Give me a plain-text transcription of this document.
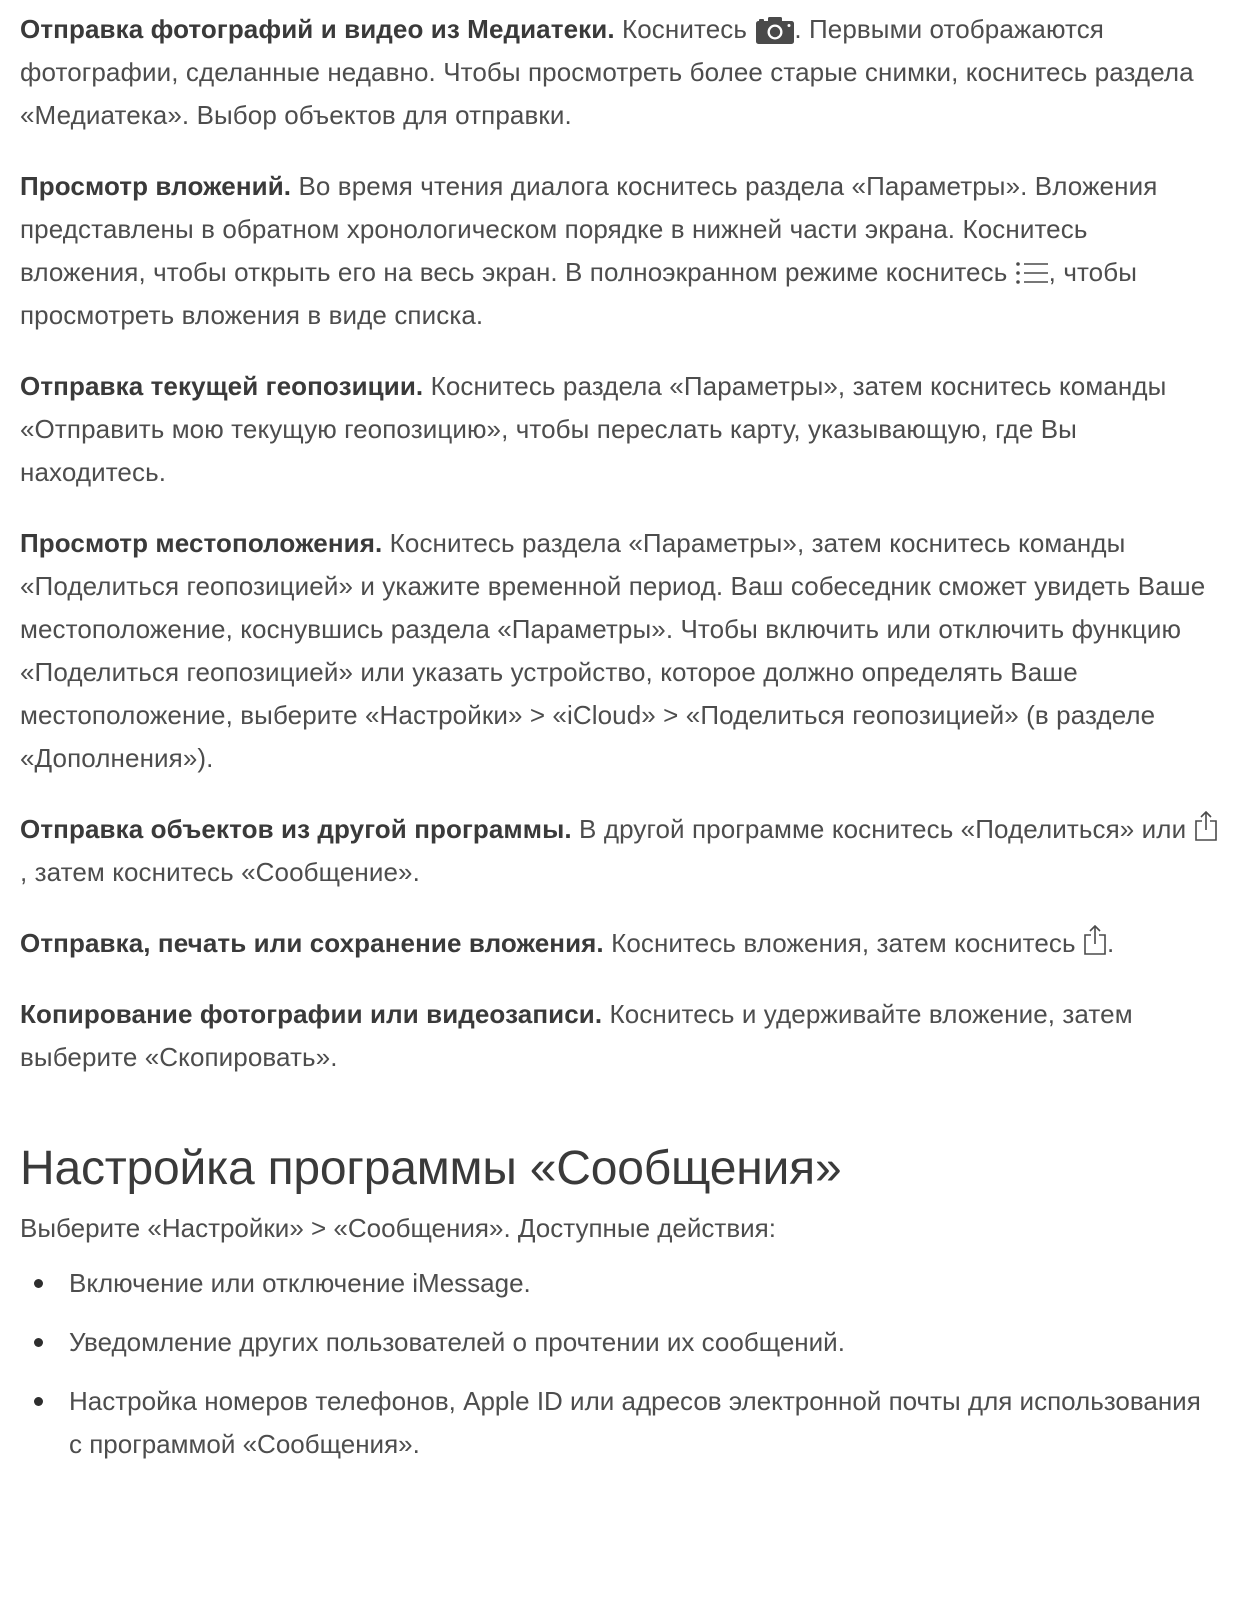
Отправка фотографий и видео из Медиатеки. Коснитесь . Первыми отображаются фотографии, сделанные недавно. Чтобы просмотреть более старые снимки, коснитесь раздела «Медиатека». Выбор объектов для отправки.

Просмотр вложений. Во время чтения диалога коснитесь раздела «Параметры». Вложения представлены в обратном хронологическом порядке в нижней части экрана. Коснитесь вложения, чтобы открыть его на весь экран. В полноэкранном режиме коснитесь , чтобы просмотреть вложения в виде списка.

Отправка текущей геопозиции. Коснитесь раздела «Параметры», затем коснитесь команды «Отправить мою текущую геопозицию», чтобы переслать карту, указывающую, где Вы находитесь.

Просмотр местоположения. Коснитесь раздела «Параметры», затем коснитесь команды «Поделиться геопозицией» и укажите временной период. Ваш собеседник сможет увидеть Ваше местоположение, коснувшись раздела «Параметры». Чтобы включить или отключить функцию «Поделиться геопозицией» или указать устройство, которое должно определять Ваше местоположение, выберите «Настройки» > «iCloud» > «Поделиться геопозицией» (в разделе «Дополнения»).

Отправка объектов из другой программы. В другой программе коснитесь «Поделиться» или , затем коснитесь «Сообщение».

Отправка, печать или сохранение вложения. Коснитесь вложения, затем коснитесь .

Копирование фотографии или видеозаписи. Коснитесь и удерживайте вложение, затем выберите «Скопировать».

Настройка программы «Сообщения»

Выберите «Настройки» > «Сообщения». Доступные действия:

Включение или отключение iMessage.
Уведомление других пользователей о прочтении их сообщений.
Настройка номеров телефонов, Apple ID или адресов электронной почты для использования с программой «Сообщения».
